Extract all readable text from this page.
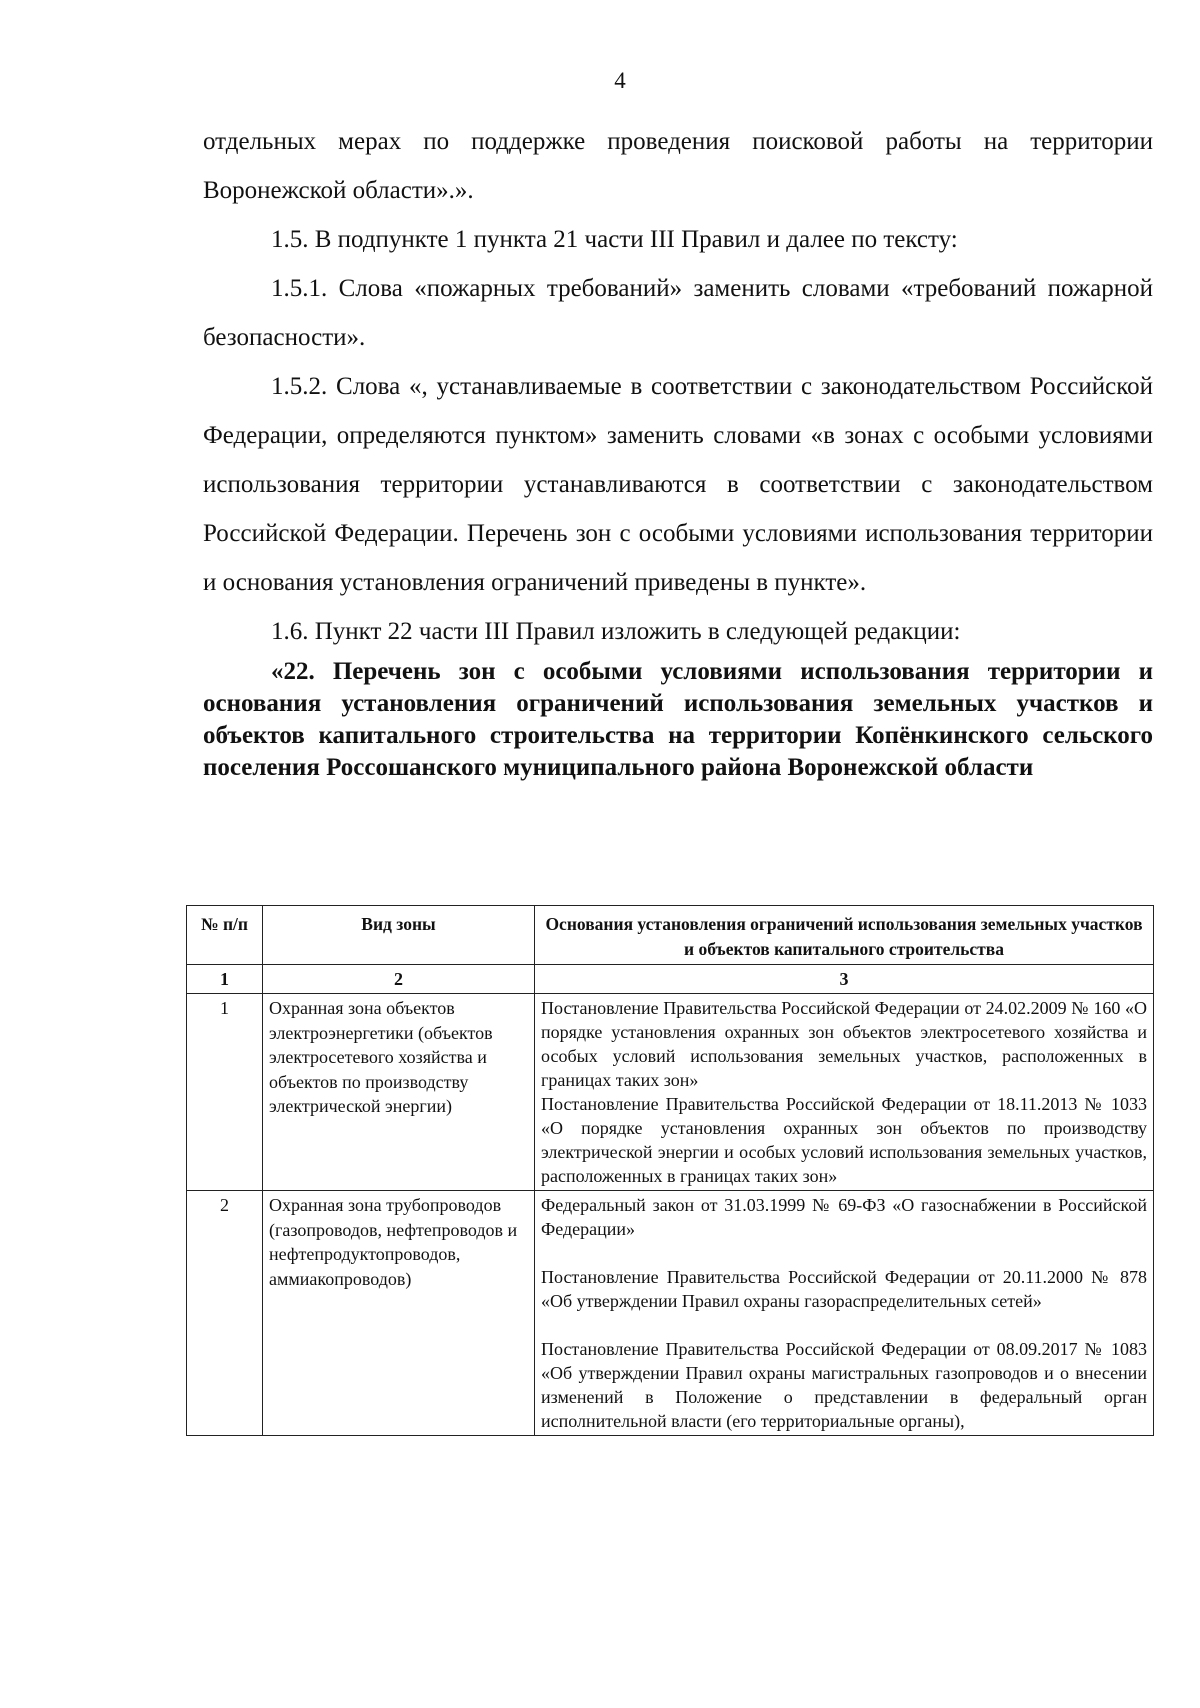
4

отдельных мерах по поддержке проведения поисковой работы на территории Воронежской области».».

1.5. В подпункте 1 пункта 21 части III Правил и далее по тексту:

1.5.1. Слова «пожарных требований» заменить словами «требований пожарной безопасности».

1.5.2. Слова «, устанавливаемые в соответствии с законодательством Российской Федерации, определяются пунктом» заменить словами «в зонах с особыми условиями использования территории устанавливаются в соответствии с законодательством Российской Федерации. Перечень зон с особыми условиями использования территории и основания установления ограничений приведены в пункте».

1.6. Пункт 22 части III Правил изложить в следующей редакции:

«22. Перечень зон с особыми условиями использования территории и основания установления ограничений использования земельных участков и объектов капитального строительства на территории Копёнкинского сельского поселения Россошанского муниципального района Воронежской области

№ п/п	Вид зоны	Основания установления ограничений использования земельных участков и объектов капитального строительства
1	2	3
1	Охранная зона объектов электроэнергетики (объектов электросетевого хозяйства и объектов по производству электрической энергии)	Постановление Правительства Российской Федерации от 24.02.2009 № 160 «О порядке установления охранных зон объектов электросетевого хозяйства и особых условий использования земельных участков, расположенных в границах таких зон»

Постановление Правительства Российской Федерации от 18.11.2013 № 1033 «О порядке установления охранных зон объектов по производству электрической энергии и особых условий использования земельных участков, расположенных в границах таких зон»

2	Охранная зона трубопроводов (газопроводов, нефтепроводов и нефтепродуктопроводов, аммиакопроводов)	Федеральный закон от 31.03.1999 № 69-ФЗ «О газоснабжении в Российской Федерации»

Постановление Правительства Российской Федерации от 20.11.2000 № 878 «Об утверждении Правил охраны газораспределительных сетей»

Постановление Правительства Российской Федерации от 08.09.2017 № 1083 «Об утверждении Правил охраны магистральных газопроводов и о внесении изменений в Положение о представлении в федеральный орган исполнительной власти (его территориальные органы),
